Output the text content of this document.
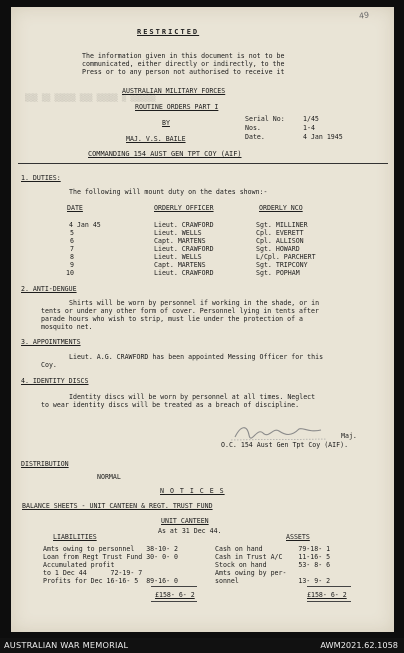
49
RESTRICTED
The information given in this document is not to be
communicated, either directly or indirectly, to the
Press or to any person not authorised to receive it
▒▒▒ ▒▒ ▒▒▒▒▒ ▒▒▒ ▒▒▒▒▒ ▒ ▒▒▒▒▒▒
AUSTRALIAN MILITARY FORCES
ROUTINE ORDERS PART I
BY
MAJ. V.S. BAILE
COMMANDING 154 AUST GEN TPT COY (AIF)
Serial No:	1/45
Nos.	1-4
Date.	4 Jan 1945
1. DUTIES:
The following will mount duty on the dates shown:-
DATE	ORDERLY OFFICER	ORDERLY NCO
4 Jan 45	Lieut. CRAWFORD	Sgt. MILLINER
5	Lieut. WELLS	Cpl. EVERETT
6	Capt. MARTENS	Cpl. ALLISON
7	Lieut. CRAWFORD	Sgt. HOWARD
8	Lieut. WELLS	L/Cpl. PARCHERT
9	Capt. MARTENS	Sgt. TRIPCONY
10	Lieut. CRAWFORD	Sgt. POPHAM
2. ANTI-DENGUE
Shirts will be worn by personnel if working in the shade, or in
tents or under any other form of cover. Personnel lying in tents after
parade hours who wish to strip, must lie under the protection of a
mosquito net.
3. APPOINTMENTS
Lieut. A.G. CRAWFORD has been appointed Messing Officer for this
Coy.
4. IDENTITY DISCS
Identity discs will be worn by personnel at all times. Neglect
to wear identity discs will be treated as a breach of discipline.
Maj.
O.C. 154 Aust Gen Tpt Coy (AIF).
DISTRIBUTION
NORMAL
N O T I C E S
BALANCE SHEETS - UNIT CANTEEN & REGT. TRUST FUND
UNIT CANTEEN
As at 31 Dec 44.
LIABILITIES	ASSETS
Amts owing to personnel   38-10- 2
Loan from Regt Trust Fund 30- 0- 0
Accumulated profit
to 1 Dec 44      72-19- 7
Profits for Dec 16-16- 5  89-16- 0
Cash on hand         79-18- 1
Cash in Trust A/C    11-16- 5
Stock on hand        53- 8- 6
Amts owing by per-
sonnel               13- 9- 2
£158- 6- 2	£158- 6- 2
AUSTRALIAN WAR MEMORIAL	AWM2021.62.1058
